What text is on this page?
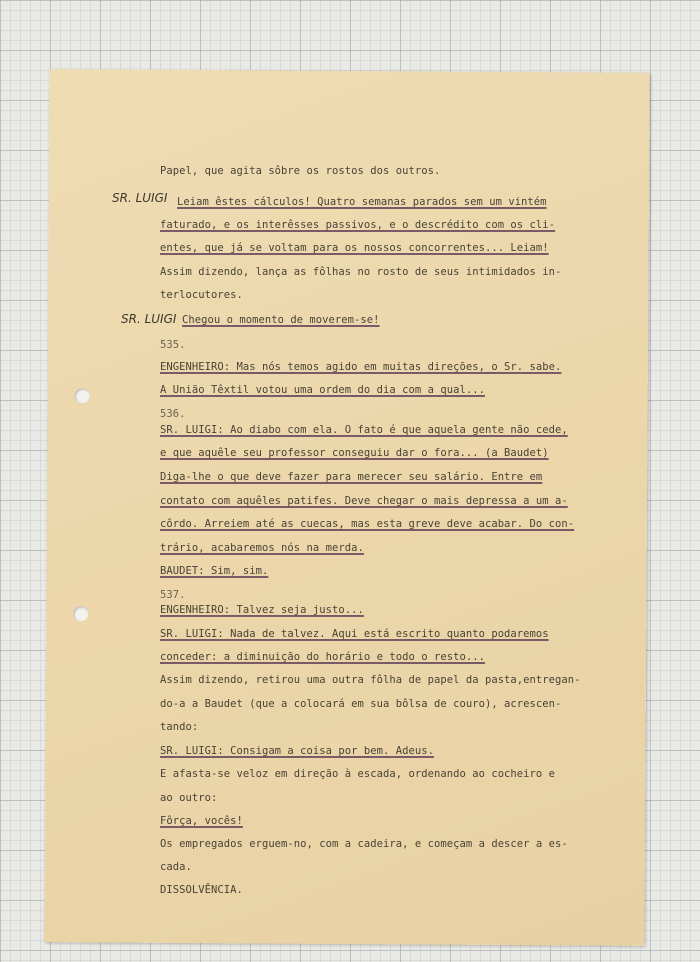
SR. LUIGI
SR. LUIGI
Papel, que agita sôbre os rostos dos outros.
Leiam êstes cálculos! Quatro semanas parados sem um vintém
faturado, e os interêsses passivos, e o descrédito com os cli-
entes, que já se voltam para os nossos concorrentes... Leiam!
Assim dizendo, lança as fôlhas no rosto de seus intimidados in-
terlocutores.
Chegou o momento de moverem-se!
535.
ENGENHEIRO: Mas nós temos agido em muitas direções, o Sr. sabe.
A União Têxtil votou uma ordem do dia com a qual...
536.
SR. LUIGI: Ao diabo com ela. O fato é que aquela gente não cede,
e que aquêle seu professor conseguiu dar o fora... (a Baudet)
Diga-lhe o que deve fazer para merecer seu salário. Entre em
contato com aquêles patifes. Deve chegar o mais depressa a um a-
côrdo. Arreiem até as cuecas, mas esta greve deve acabar. Do con-
trário, acabaremos nós na merda.
BAUDET: Sim, sim.
537.
ENGENHEIRO: Talvez seja justo...
SR. LUIGI: Nada de talvez. Aqui está escrito quanto podaremos
conceder: a diminuição do horário e todo o resto...
Assim dizendo, retirou uma outra fôlha de papel da pasta,entregan-
do-a a Baudet (que a colocará em sua bôlsa de couro), acrescen-
tando:
SR. LUIGI: Consigam a coisa por bem. Adeus.
E afasta-se veloz em direção à escada, ordenando ao cocheiro e
ao outro:
Fôrça, vocês!
Os empregados erguem-no, com a cadeira, e começam a descer a es-
cada.
DISSOLVÊNCIA.
